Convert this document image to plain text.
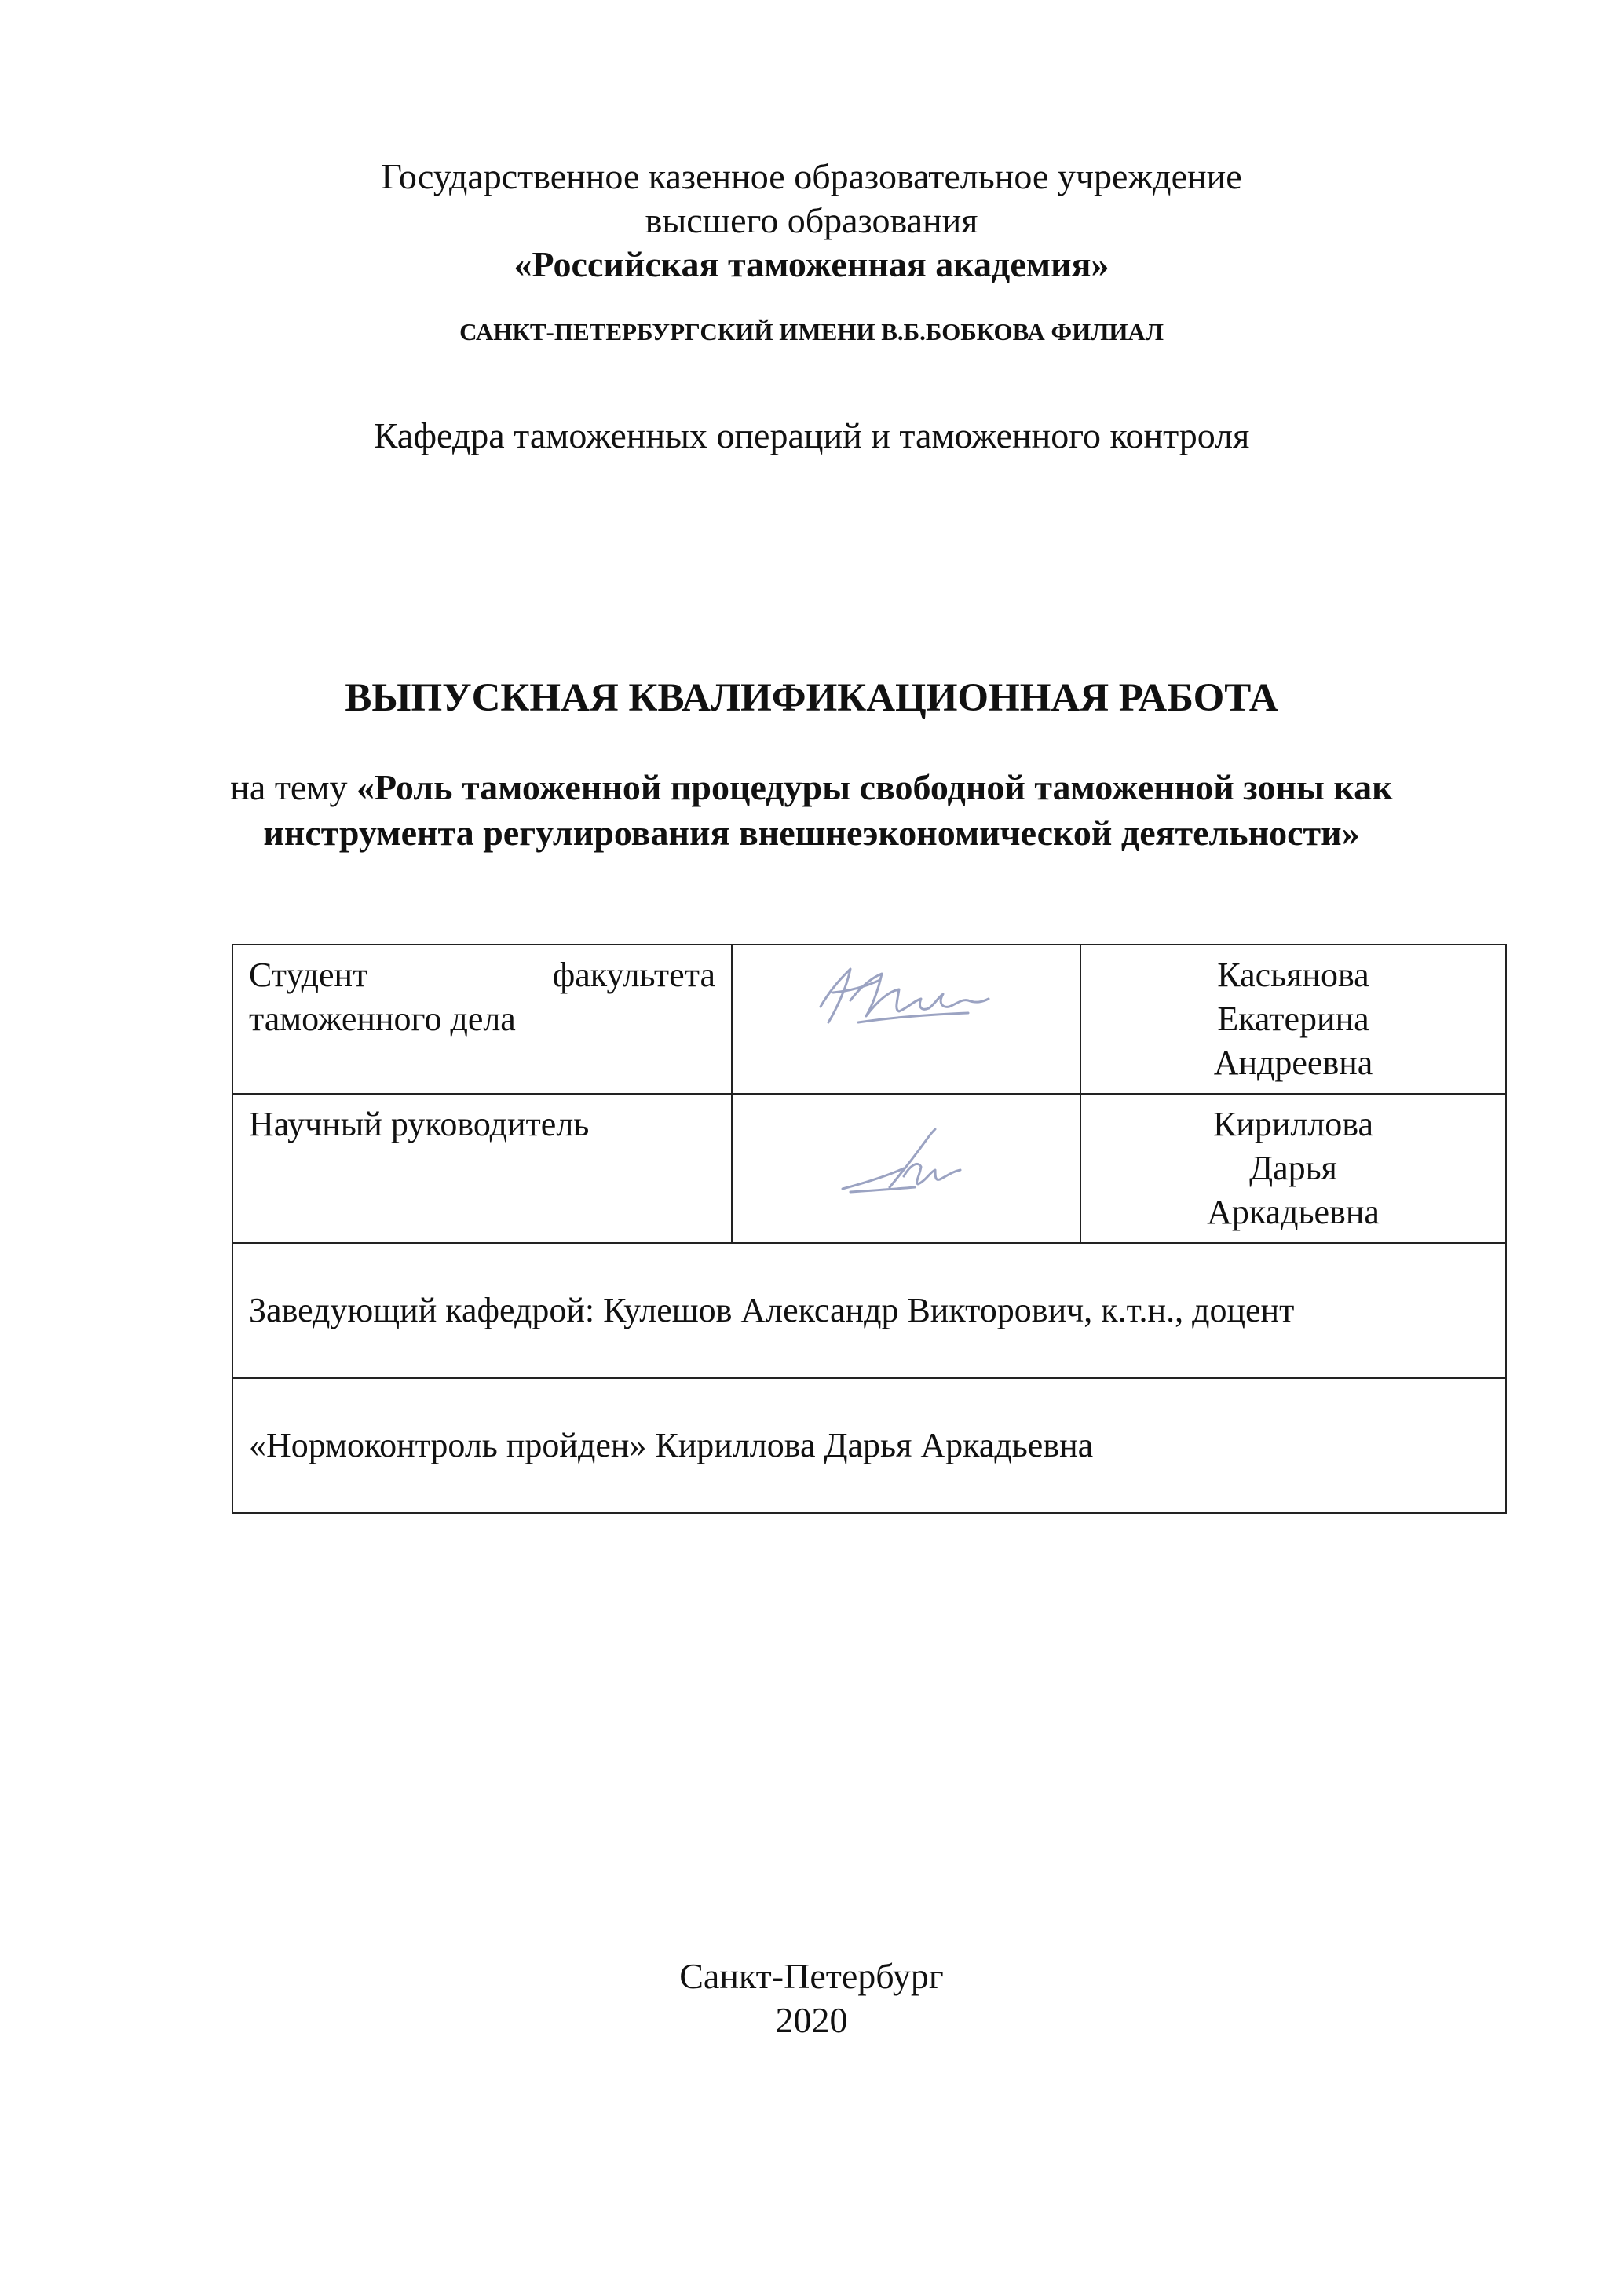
Государственное казенное образовательное учреждение
высшего образования
«Российская таможенная академия»
САНКТ-ПЕТЕРБУРГСКИЙ ИМЕНИ В.Б.БОБКОВА ФИЛИАЛ
Кафедра таможенных операций и таможенного контроля
ВЫПУСКНАЯ КВАЛИФИКАЦИОННАЯ РАБОТА
на тему «Роль таможенной процедуры свободной таможенной зоны как
инструмента регулирования внешнеэкономической деятельности»
Студент факультета
таможенного дела		Касьянова
Екатерина
Андреевна

Научный руководитель		Кириллова
Дарья
Аркадьевна

Заведующий кафедрой: Кулешов Александр Викторович, к.т.н., доцент		
«Нормоконтроль пройден» Кириллова Дарья Аркадьевна		
Санкт-Петербург
2020
